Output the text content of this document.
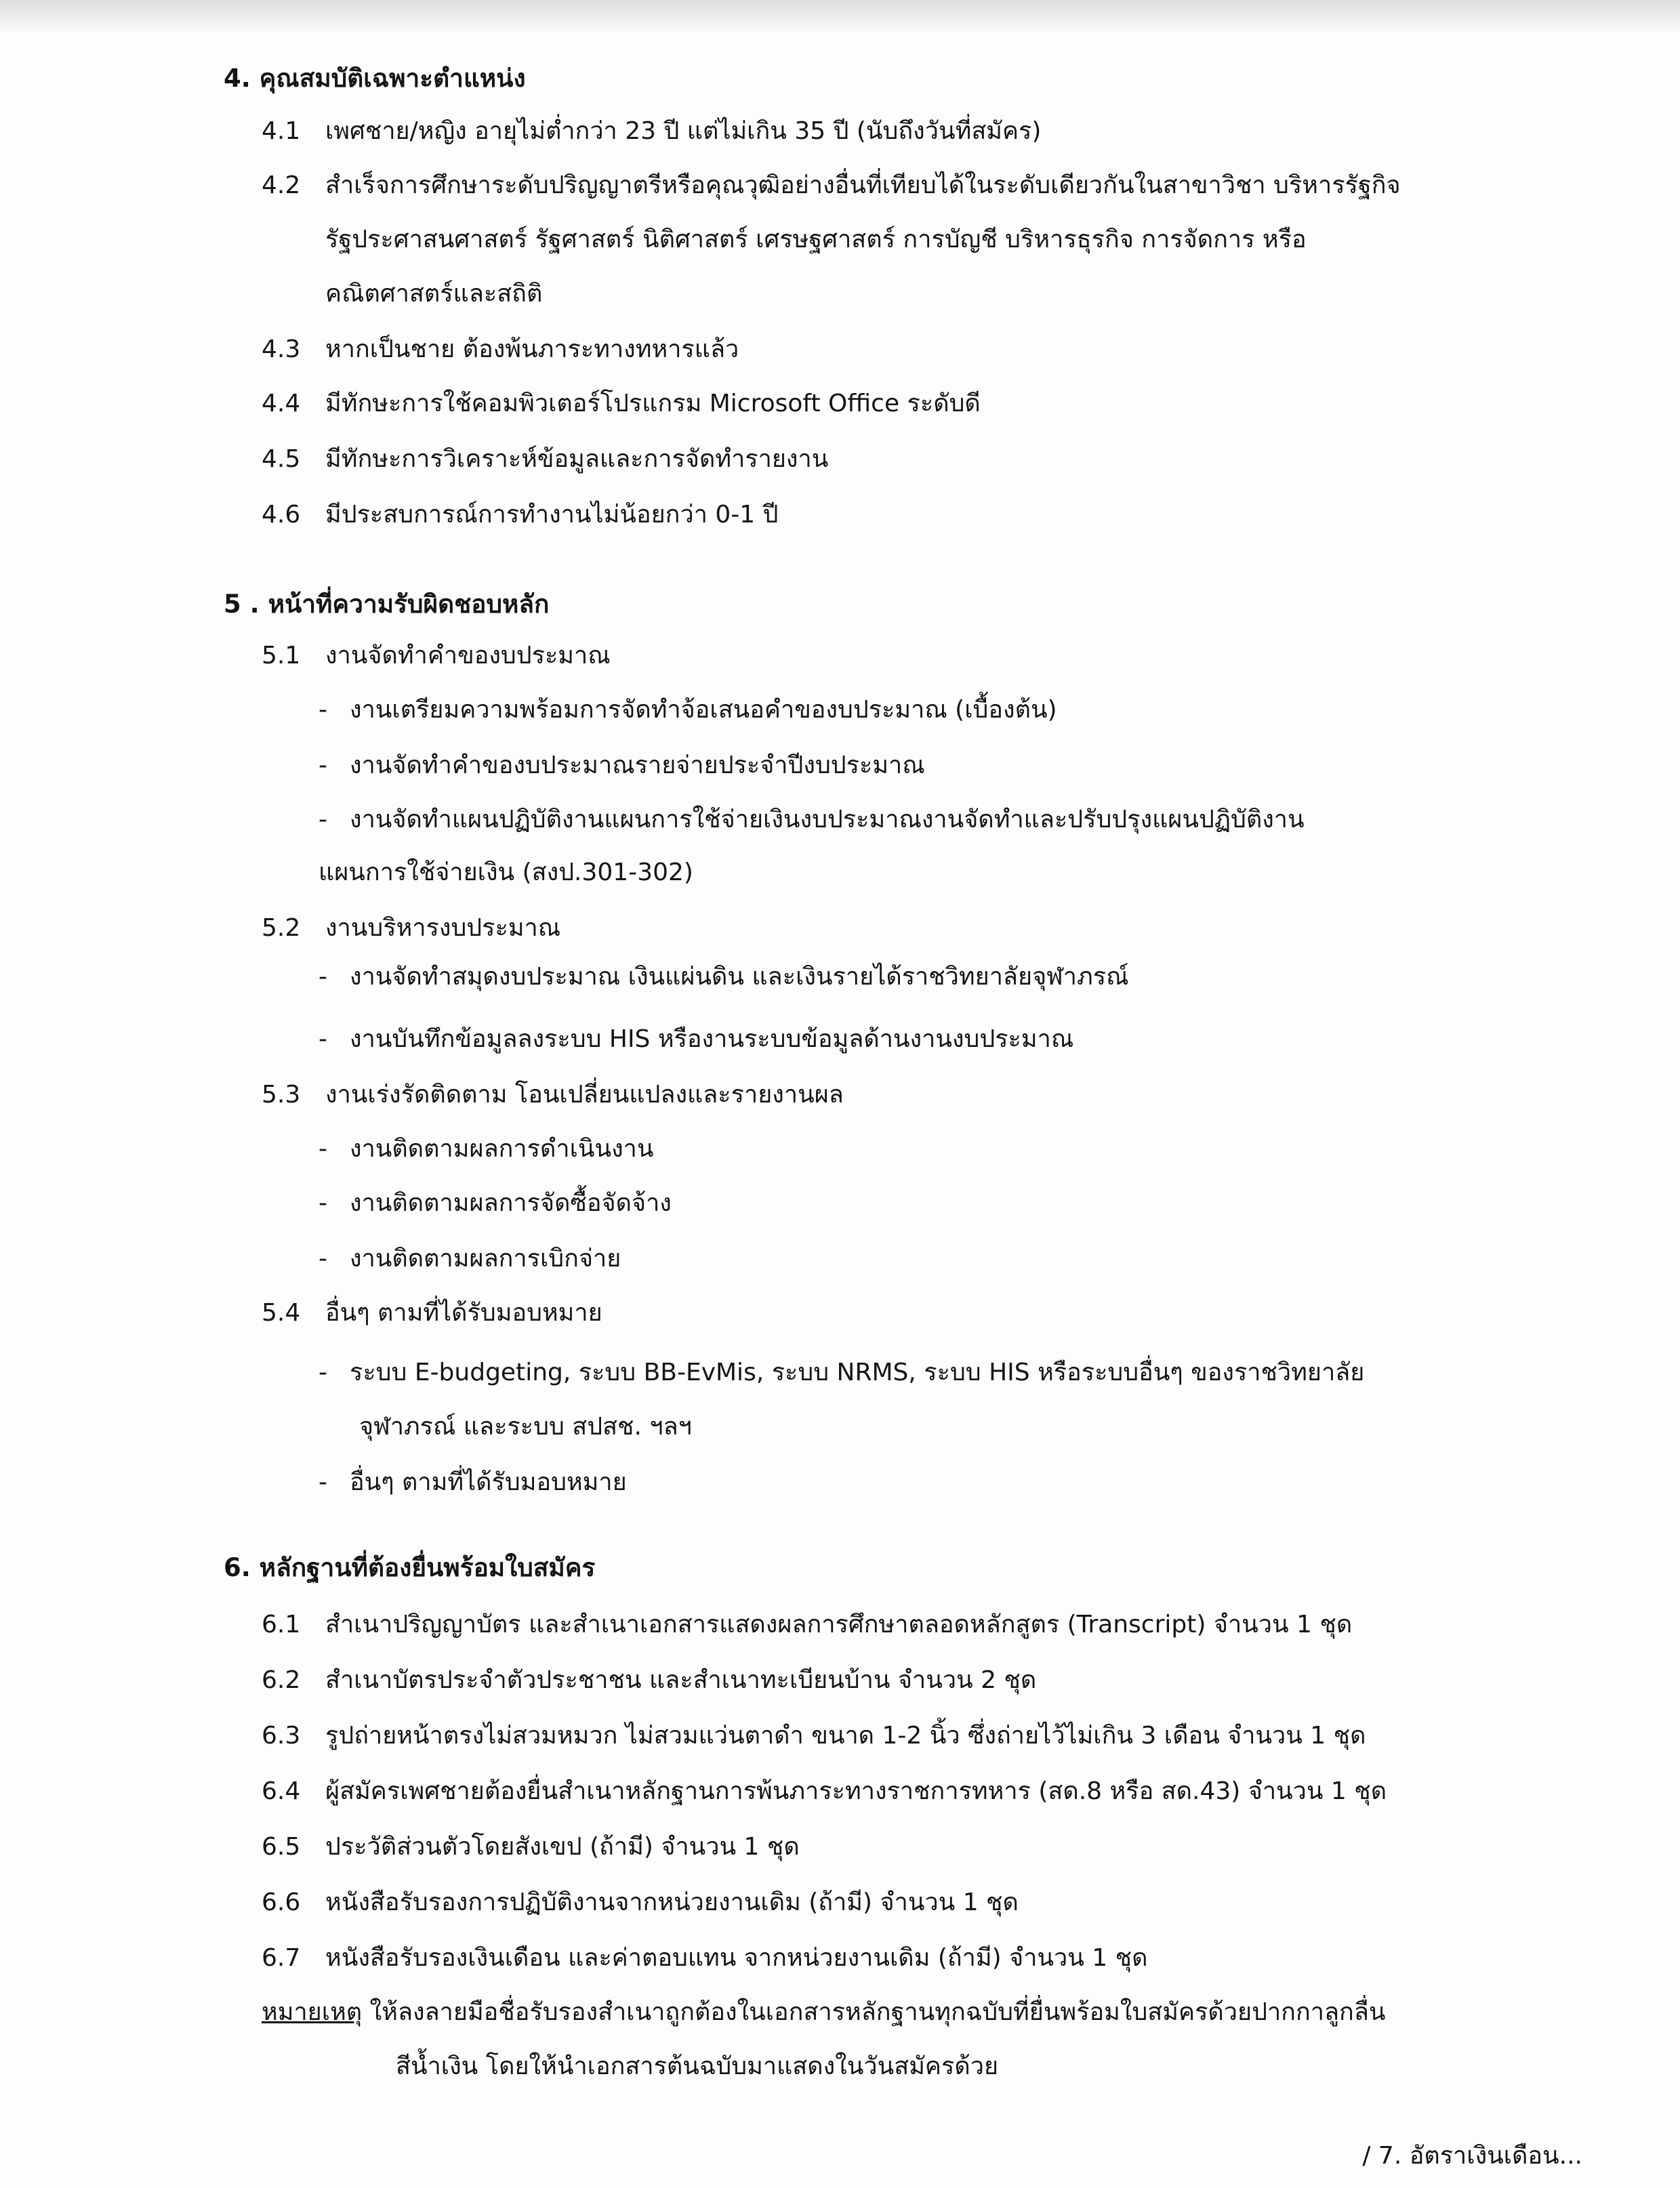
4. คุณสมบัติเฉพาะตำแหน่ง
4.1 เพศชาย/หญิง อายุไม่ต่ำกว่า 23 ปี แต่ไม่เกิน 35 ปี (นับถึงวันที่สมัคร)
4.2 สำเร็จการศึกษาระดับปริญญาตรีหรือคุณวุฒิอย่างอื่นที่เทียบได้ในระดับเดียวกันในสาขาวิชา บริหารรัฐกิจ
รัฐประศาสนศาสตร์ รัฐศาสตร์ นิติศาสตร์ เศรษฐศาสตร์ การบัญชี บริหารธุรกิจ การจัดการ หรือ
คณิตศาสตร์และสถิติ
4.3 หากเป็นชาย ต้องพ้นภาระทางทหารแล้ว
4.4 มีทักษะการใช้คอมพิวเตอร์โปรแกรม Microsoft Office ระดับดี
4.5 มีทักษะการวิเคราะห์ข้อมูลและการจัดทำรายงาน
4.6 มีประสบการณ์การทำงานไม่น้อยกว่า 0-1 ปี
5 . หน้าที่ความรับผิดชอบหลัก
5.1 งานจัดทำคำของบประมาณ
- งานเตรียมความพร้อมการจัดทำจ้อเสนอคำของบประมาณ (เบื้องต้น)
- งานจัดทำคำของบประมาณรายจ่ายประจำปีงบประมาณ
- งานจัดทำแผนปฏิบัติงานแผนการใช้จ่ายเงินงบประมาณงานจัดทำและปรับปรุงแผนปฏิบัติงาน
แผนการใช้จ่ายเงิน (สงป.301-302)
5.2 งานบริหารงบประมาณ
- งานจัดทำสมุดงบประมาณ เงินแผ่นดิน และเงินรายได้ราชวิทยาลัยจุฬาภรณ์
- งานบันทึกข้อมูลลงระบบ HIS หรืองานระบบข้อมูลด้านงานงบประมาณ
5.3 งานเร่งรัดติดตาม โอนเปลี่ยนแปลงและรายงานผล
- งานติดตามผลการดำเนินงาน
- งานติดตามผลการจัดซื้อจัดจ้าง
- งานติดตามผลการเบิกจ่าย
5.4 อื่นๆ ตามที่ได้รับมอบหมาย
- ระบบ E-budgeting, ระบบ BB-EvMis, ระบบ NRMS, ระบบ HIS หรือระบบอื่นๆ ของราชวิทยาลัย
จุฬาภรณ์ และระบบ สปสช. ฯลฯ
- อื่นๆ ตามที่ได้รับมอบหมาย
6. หลักฐานที่ต้องยื่นพร้อมใบสมัคร
6.1 สำเนาปริญญาบัตร และสำเนาเอกสารแสดงผลการศึกษาตลอดหลักสูตร (Transcript) จำนวน 1 ชุด
6.2 สำเนาบัตรประจำตัวประชาชน และสำเนาทะเบียนบ้าน จำนวน 2 ชุด
6.3 รูปถ่ายหน้าตรงไม่สวมหมวก ไม่สวมแว่นตาดำ ขนาด 1-2 นิ้ว ซึ่งถ่ายไว้ไม่เกิน 3 เดือน จำนวน 1 ชุด
6.4 ผู้สมัครเพศชายต้องยื่นสำเนาหลักฐานการพ้นภาระทางราชการทหาร (สด.8 หรือ สด.43) จำนวน 1 ชุด
6.5 ประวัติส่วนตัวโดยสังเขป (ถ้ามี) จำนวน 1 ชุด
6.6 หนังสือรับรองการปฏิบัติงานจากหน่วยงานเดิม (ถ้ามี) จำนวน 1 ชุด
6.7 หนังสือรับรองเงินเดือน และค่าตอบแทน จากหน่วยงานเดิม (ถ้ามี) จำนวน 1 ชุด
หมายเหตุ ให้ลงลายมือชื่อรับรองสำเนาถูกต้องในเอกสารหลักฐานทุกฉบับที่ยื่นพร้อมใบสมัครด้วยปากกาลูกลื่น
สีน้ำเงิน โดยให้นำเอกสารต้นฉบับมาแสดงในวันสมัครด้วย
/ 7. อัตราเงินเดือน...
